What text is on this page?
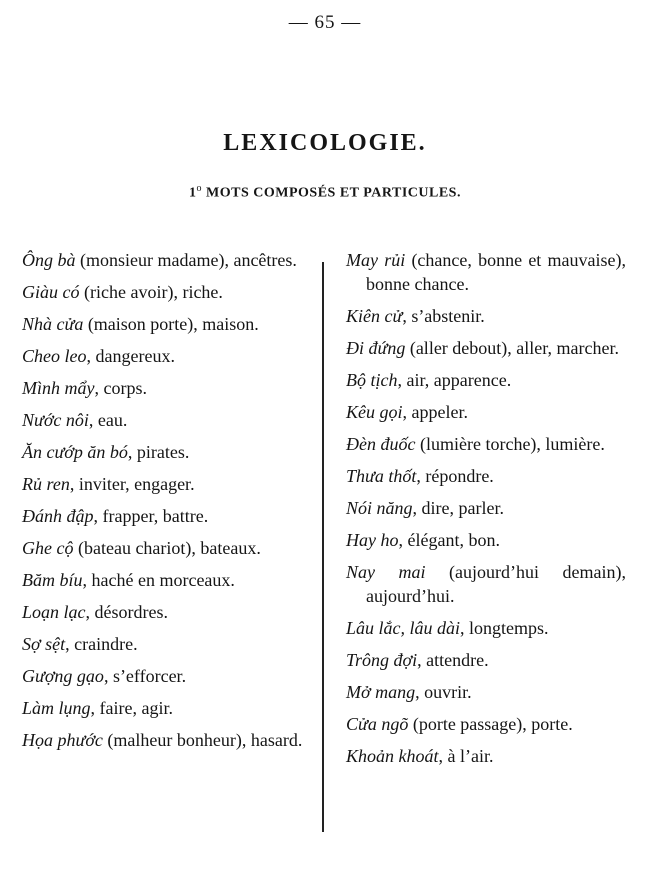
— 65 —
LEXICOLOGIE.
1$^o$ MOTS COMPOSÉS ET PARTICULES.
Ông bà (monsieur madame), ancêtres.
Giàu có (riche avoir), riche.
Nhà cửa (maison porte), maison.
Cheo leo, dangereux.
Mình mẩy, corps.
Nước nôi, eau.
Ăn cướp ăn bó, pirates.
Rủ ren, inviter, engager.
Đánh đập, frapper, battre.
Ghe cộ (bateau chariot), bateaux.
Băm bíu, haché en morceaux.
Loạn lạc, désordres.
Sợ sệt, craindre.
Gượng gạo, s’efforcer.
Làm lụng, faire, agir.
Họa phước (malheur bonheur), hasard.
May rủi (chance, bonne et mauvaise), bonne chance.
Kiên cử, s’abstenir.
Đi đứng (aller debout), aller, marcher.
Bộ tịch, air, apparence.
Kêu gọi, appeler.
Đèn đuốc (lumière torche), lumière.
Thưa thốt, répondre.
Nói năng, dire, parler.
Hay ho, élégant, bon.
Nay mai (aujourd’hui demain), aujourd’hui.
Lâu lắc, lâu dài, longtemps.
Trông đợi, attendre.
Mở mang, ouvrir.
Cửa ngõ (porte passage), porte.
Khoản khoát, à l’air.
